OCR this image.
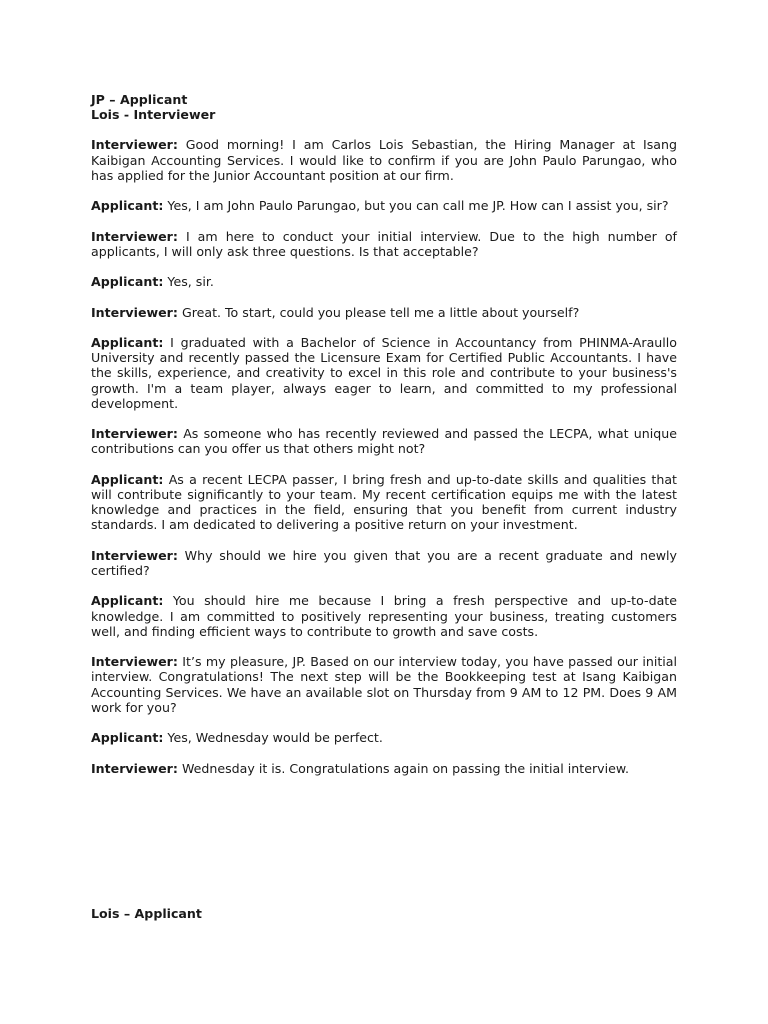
JP – Applicant

Lois - Interviewer

Interviewer: Good morning! I am Carlos Lois Sebastian, the Hiring Manager at Isang Kaibigan Accounting Services. I would like to confirm if you are John Paulo Parungao, who has applied for the Junior Accountant position at our firm.

Applicant: Yes, I am John Paulo Parungao, but you can call me JP. How can I assist you, sir?

Interviewer: I am here to conduct your initial interview. Due to the high number of applicants, I will only ask three questions. Is that acceptable?

Applicant: Yes, sir.

Interviewer: Great. To start, could you please tell me a little about yourself?

Applicant: I graduated with a Bachelor of Science in Accountancy from PHINMA-Araullo University and recently passed the Licensure Exam for Certified Public Accountants. I have the skills, experience, and creativity to excel in this role and contribute to your business's growth. I'm a team player, always eager to learn, and committed to my professional development.

Interviewer: As someone who has recently reviewed and passed the LECPA, what unique contributions can you offer us that others might not?

Applicant: As a recent LECPA passer, I bring fresh and up-to-date skills and qualities that will contribute significantly to your team. My recent certification equips me with the latest knowledge and practices in the field, ensuring that you benefit from current industry standards. I am dedicated to delivering a positive return on your investment.

Interviewer: Why should we hire you given that you are a recent graduate and newly certified?

Applicant: You should hire me because I bring a fresh perspective and up-to-date knowledge. I am committed to positively representing your business, treating customers well, and finding efficient ways to contribute to growth and save costs.

Interviewer: It’s my pleasure, JP. Based on our interview today, you have passed our initial interview. Congratulations! The next step will be the Bookkeeping test at Isang Kaibigan Accounting Services. We have an available slot on Thursday from 9 AM to 12 PM. Does 9 AM work for you?

Applicant: Yes, Wednesday would be perfect.

Interviewer: Wednesday it is. Congratulations again on passing the initial interview.

Lois – Applicant
